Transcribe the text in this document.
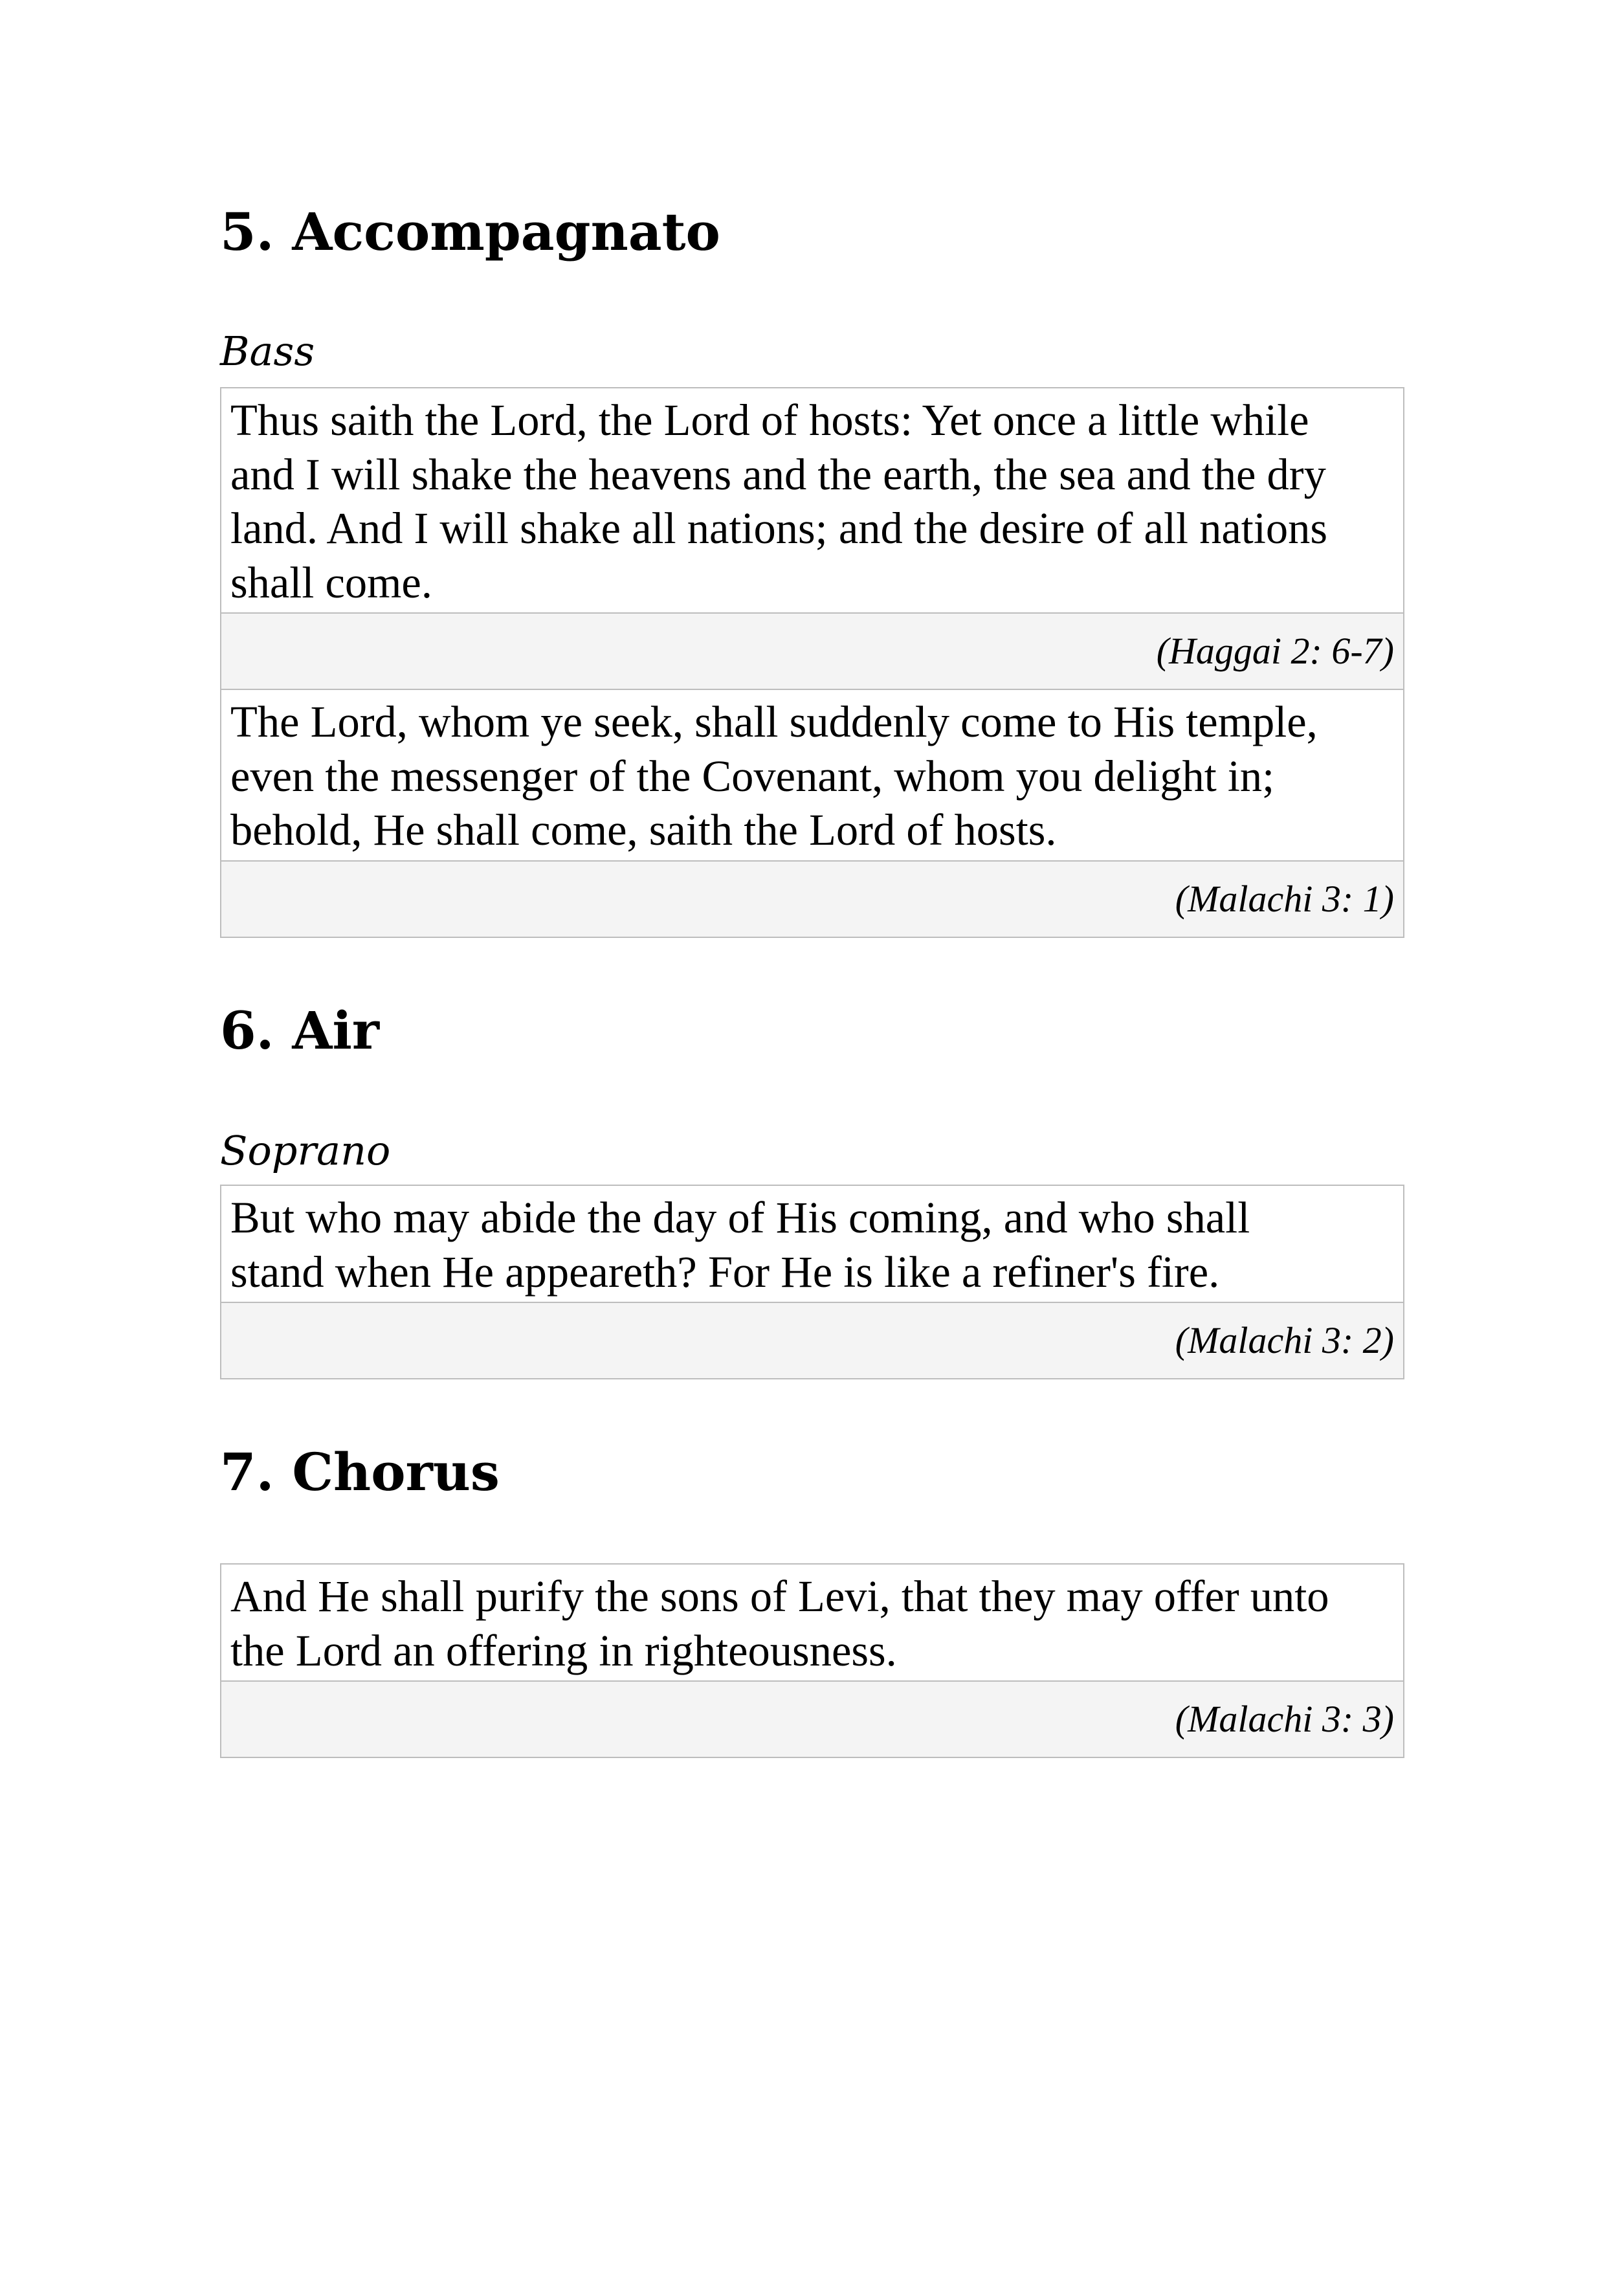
5. Accompagnato
Bass
Thus saith the Lord, the Lord of hosts: Yet once a little while
and I will shake the heavens and the earth, the sea and the dry
land. And I will shake all nations; and the desire of all nations
shall come.
(Haggai 2: 6-7)
The Lord, whom ye seek, shall suddenly come to His temple,
even the messenger of the Covenant, whom you delight in;
behold, He shall come, saith the Lord of hosts.
(Malachi 3: 1)
6. Air
Soprano
But who may abide the day of His coming, and who shall
stand when He appeareth? For He is like a refiner's fire.
(Malachi 3: 2)
7. Chorus
And He shall purify the sons of Levi, that they may offer unto
the Lord an offering in righteousness.
(Malachi 3: 3)
